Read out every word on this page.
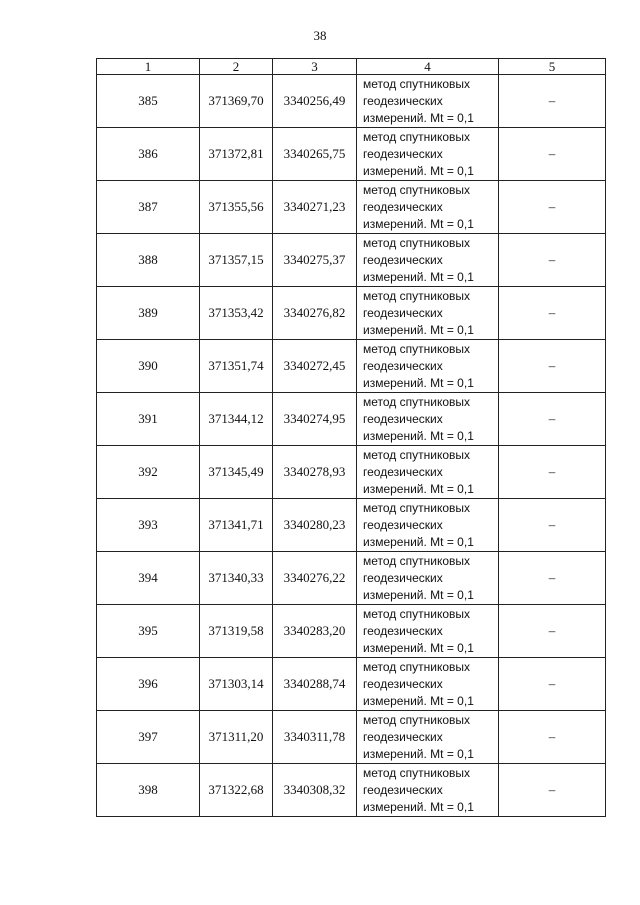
38
1	2	3	4	5
385	371369,70	3340256,49	метод спутниковых
геодезических
измерений. Mt = 0,1	–
386	371372,81	3340265,75	метод спутниковых
геодезических
измерений. Mt = 0,1	–
387	371355,56	3340271,23	метод спутниковых
геодезических
измерений. Mt = 0,1	–
388	371357,15	3340275,37	метод спутниковых
геодезических
измерений. Mt = 0,1	–
389	371353,42	3340276,82	метод спутниковых
геодезических
измерений. Mt = 0,1	–
390	371351,74	3340272,45	метод спутниковых
геодезических
измерений. Mt = 0,1	–
391	371344,12	3340274,95	метод спутниковых
геодезических
измерений. Mt = 0,1	–
392	371345,49	3340278,93	метод спутниковых
геодезических
измерений. Mt = 0,1	–
393	371341,71	3340280,23	метод спутниковых
геодезических
измерений. Mt = 0,1	–
394	371340,33	3340276,22	метод спутниковых
геодезических
измерений. Mt = 0,1	–
395	371319,58	3340283,20	метод спутниковых
геодезических
измерений. Mt = 0,1	–
396	371303,14	3340288,74	метод спутниковых
геодезических
измерений. Mt = 0,1	–
397	371311,20	3340311,78	метод спутниковых
геодезических
измерений. Mt = 0,1	–
398	371322,68	3340308,32	метод спутниковых
геодезических
измерений. Mt = 0,1	–
